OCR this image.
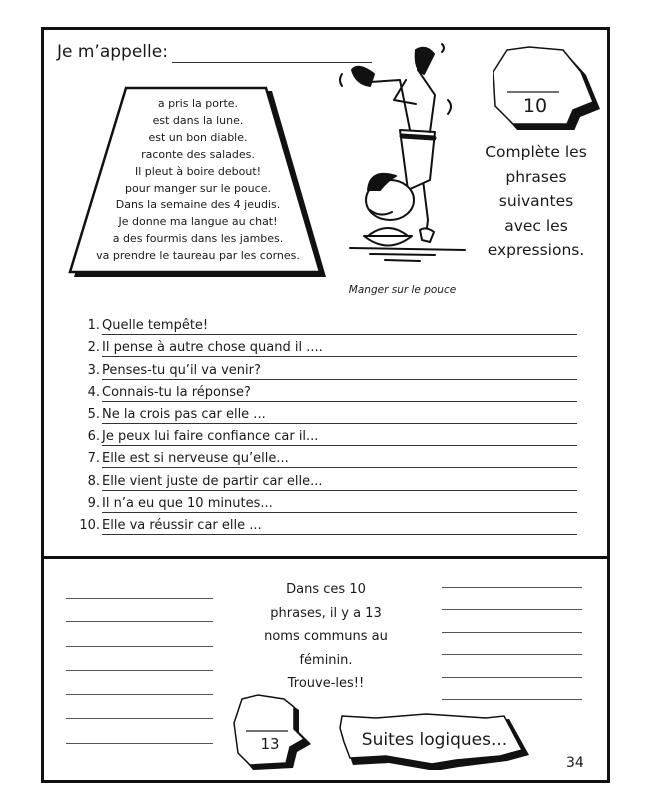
Je m’appelle:
a pris la porte.
est dans la lune.
est un bon diable.
raconte des salades.
Il pleut à boire debout!
pour manger sur le pouce.
Dans la semaine des 4 jeudis.
Je donne ma langue au chat!
a des fourmis dans les jambes.
va prendre le taureau par les cornes.
Manger sur le pouce
10
Complète les
phrases
suivantes
avec les
expressions.
1. Quelle tempête!
2. Il pense à autre chose quand il ....
3. Penses-tu qu’il va venir?
4. Connais-tu la réponse?
5. Ne la crois pas car elle ...
6. Je peux lui faire confiance car il...
7. Elle est si nerveuse qu’elle...
8. Elle vient juste de partir car elle...
9. Il n’a eu que 10 minutes...
10. Elle va réussir car elle ...
Dans ces 10
phrases, il y a 13
noms communs au
féminin.
Trouve-les!!
13	Suites logiques...
34
